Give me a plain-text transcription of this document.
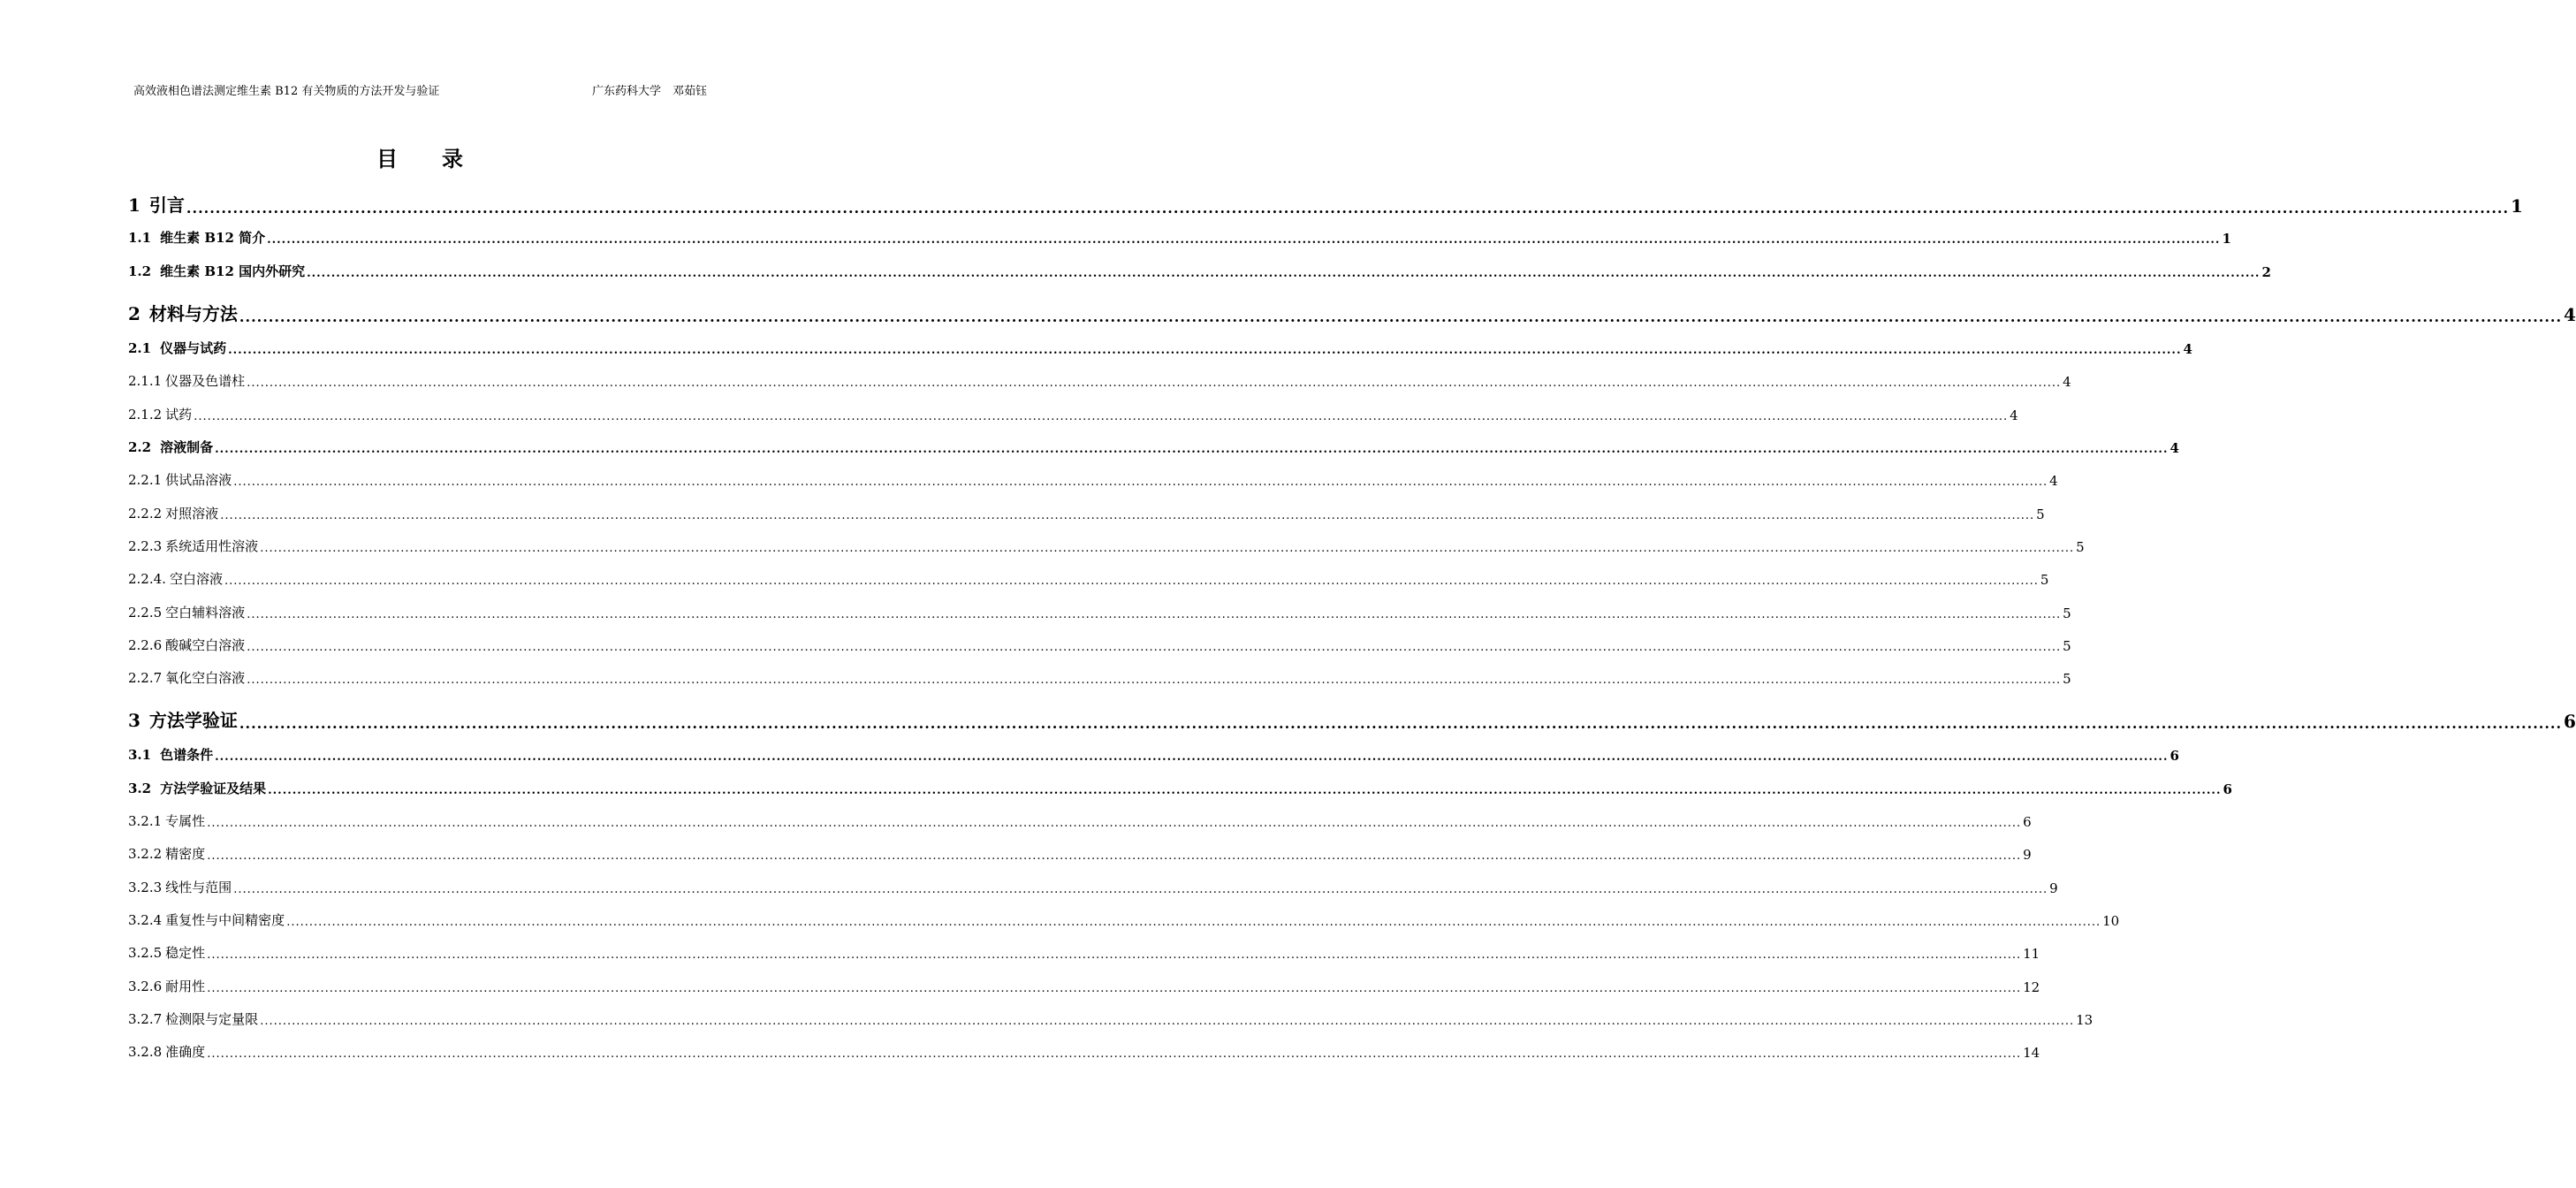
高效液相色谱法测定维生素 B12 有关物质的方法开发与验证	广东药科大学　邓茹钰
目录
1 引言 ................................................................................................................................................................................................................................................................................................................................................................................................................ 1
1.1 维生素 B12 简介 ................................................................................................................................................................................................................................................................................................................................................................................................................ 1
1.2 维生素 B12 国内外研究 ................................................................................................................................................................................................................................................................................................................................................................................................................ 2
2 材料与方法 ................................................................................................................................................................................................................................................................................................................................................................................................................ 4
2.1 仪器与试药 ................................................................................................................................................................................................................................................................................................................................................................................................................ 4
2.1.1 仪器及色谱柱 ................................................................................................................................................................................................................................................................................................................................................................................................................ 4
2.1.2 试药 ................................................................................................................................................................................................................................................................................................................................................................................................................ 4
2.2 溶液制备 ................................................................................................................................................................................................................................................................................................................................................................................................................ 4
2.2.1 供试品溶液 ................................................................................................................................................................................................................................................................................................................................................................................................................ 4
2.2.2 对照溶液 ................................................................................................................................................................................................................................................................................................................................................................................................................ 5
2.2.3 系统适用性溶液 ................................................................................................................................................................................................................................................................................................................................................................................................................ 5
2.2.4. 空白溶液 ................................................................................................................................................................................................................................................................................................................................................................................................................ 5
2.2.5 空白辅料溶液 ................................................................................................................................................................................................................................................................................................................................................................................................................ 5
2.2.6 酸碱空白溶液 ................................................................................................................................................................................................................................................................................................................................................................................................................ 5
2.2.7 氧化空白溶液 ................................................................................................................................................................................................................................................................................................................................................................................................................ 5
3 方法学验证 ................................................................................................................................................................................................................................................................................................................................................................................................................ 6
3.1 色谱条件 ................................................................................................................................................................................................................................................................................................................................................................................................................ 6
3.2 方法学验证及结果 ................................................................................................................................................................................................................................................................................................................................................................................................................ 6
3.2.1 专属性 ................................................................................................................................................................................................................................................................................................................................................................................................................ 6
3.2.2 精密度 ................................................................................................................................................................................................................................................................................................................................................................................................................ 9
3.2.3 线性与范围 ................................................................................................................................................................................................................................................................................................................................................................................................................ 9
3.2.4 重复性与中间精密度 ................................................................................................................................................................................................................................................................................................................................................................................................................ 10
3.2.5 稳定性 ................................................................................................................................................................................................................................................................................................................................................................................................................ 11
3.2.6 耐用性 ................................................................................................................................................................................................................................................................................................................................................................................................................ 12
3.2.7 检测限与定量限 ................................................................................................................................................................................................................................................................................................................................................................................................................ 13
3.2.8 准确度 ................................................................................................................................................................................................................................................................................................................................................................................................................ 14
